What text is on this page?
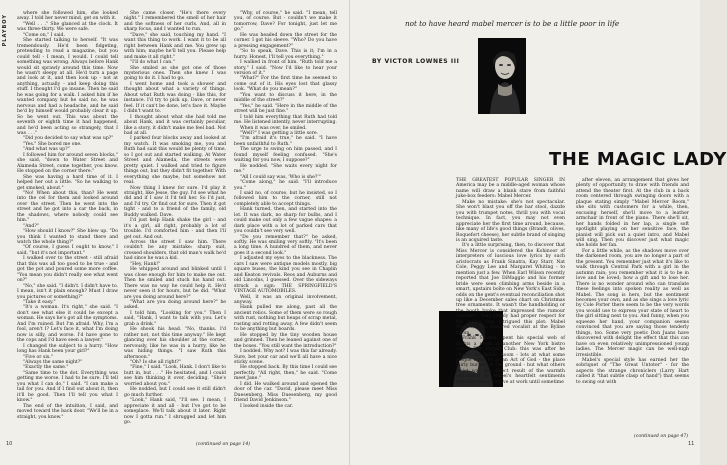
PLAYBOY

where she followed him, she looked away. I told her never mind, get on with it.

"Well . . ." She glanced at the clock. It was three-thirty. We were safe.

"Come on," I said.

She started talking to herself. "It was tremendously. He'd been fidgeting, pretending to read a magazine, but you could tell - I mean, I would. I could tell something was wrong. Always before Hank would sit sprawly around this time. Now he wasn't sleepy at all. He'd turn a page and look at it, and then look up - not at anything, actually - and keep doing this stuff. I thought I'd go insane. Then he said he was going for a walk. I asked him if he wanted company but he said no, he was nervous and had a headache, and he said he'd by himself would probably clear it up. So he went out. This was about the seventh or eighth time it had happened, and he'd been acting so strangely, that I was . . ."

"Did you decided to say what was up?"

"Yes." She bored me one.

"And what was up?"

I followed him for around seven blocks," she said, "down to Water Street and Alameda Street, come together, you know. He stopped on the corner there."

She was having a hard time of it. I helped her out a little. "So he walking to get smoked, about."

"No! When about this, than? He went into the cel for them and looked around over the street. Then he went into the street and he got into a car the back, in the shadows, where nobody could see him."

"And?"

"How should I know?" She blew up. "Do you think I wanted to stand there and watch the whole thing?"

"Of course, I guess I ought to know," I said, "but it's not important."

I walked over to the street - still afraid that this was all too good to be true - and got the pot and poured some more coffee. "You mean you didn't really see what went on?"

"No," she said. "I didn't. I didn't have to. I mean, isn't it plain enough? Must I draw you pictures or something?"

"Take it easy."

"It's a woman. It's right," she said. "I don't see what else it could be except a woman. He says he's got all the symptoms. And I'm ruined. But I'm afraid. Why, I'm a fool, aren't I? Let's face it, what I'm doing now is silly, and worse. I'd have gone to the cops and I'd have seen a lawyer."

I changed the subject to a hurry. "How long has Hank been your girl?"

"Five or six."

"Always the same night?"

"Exactly the same."

"Same time to the dot. Everything was getting me worse. I had to be sure. I'll tell you what I can do," I said. "I can make a tail for you. And if I find out about it, then it'll be good. Then I'll tell you what I know."

The end of the intuition, I said, and moved toward the back door. "We'll be in a straight, you know."

She came closer. "He's there every night." I remembered the smell of her hair and the softness of her curls. And, all in sharp focus, and I wanted to run.

"Dave," she said, touching my hand. "I want this thing to work. I want it to be all right between Hank and me. You grew up with him; maybe he'll tell you. Please help and make it all right."

"I'll do what I can."

She smiled as she got one of those mysterious ones. Then she knew I was going to do it. I had to go.

I went home and took a shower and thought about what a variety of things. About what Ruth was doing - like this, for instance. I'd try to pick up, Dave, or never feel. If it can't be done, let's face it. Maybe I didn't want to.

I thought about what she had told me about Hank, and it was certainly peculiar, like a story, it didn't make me feel bad. Not bad at all.

I parked four blocks away and looked at my watch. It was smoking me, you and Ruth had said this would be plenty of time, so I got out and started walking. At Water Street and Alameda, the streets were pretty quiet. I walked and tried to figure things out, but they didn't fit together. With everything she maybe, but somehow not real.

Now thing I knew for sure. I'd play it straight, like Jesse, the guy. I'd see what he did and if I saw it I'd tell her. So I'd just, and I'd try. Or find out for sure. Then it got tight - and to a friend of the family, old Buddy walked. Dave.

I'd just help Hank shake the girl - and it's a girl, all right, probably a lot of trouble. I'd comforted him - and then I'll get out. And out.

Across the street I saw him. There couldn't be any mistake: sharp suit, crossed shoulders, that old man's walk he'd had since he was a kid.

"Hey, Hank!"

He whipped around and blinked until I was close enough for him to make me out. Then he smiled and stuck his hand out. There was no way he could help it. He'd never seen it for hours, but he did. "What are you doing around here?"

"What are you doing around here?" he asked.

I told him, "Looking for you." Then I said, "Hank, I want to talk with you. Let's grab a drink."

He shook his head. "No, thanks. I'd rather not, not this time anyway." He kept glancing over his shoulder at the corner, nervously, like he was in a hurry, like he was hiding things. "I saw Ruth this afternoon."

"Oh? Is she all right?"

"Fine," I said. "Look, Hank. I don't like to butt in, but . . ." He hesitated, and I could see him thinking it over, deciding. "She's worried about you."

He nodded, but I could see it still didn't go much further.

"Look," Hank said, "I'll see. I mean, I appreciate it and all - but I've got to be someplace. We'll talk about it later. Right now I gotta run." I shrugged and let him go.

"Why, of course," he said. "I mean, tell you, of course. But - couldn't we make it tomorrow, Dave? For tonight, just let me go."

He was headed down the street for the corner. I got his sleeve. "Who? Do you have a pressing engagement?"

"So to speak, Dave. This is it; I'm in a hurry. Honest, I'll tell you everything."

I walked in front of him. "Ruth told me a story," I said. "Now I'd like to hear your version of it."

"What?" For the first time he seemed to come out of it. His eyes lost that glassy look. "What do you mean?"

"You want to discuss it here, in the middle of the street?"

"Yes," he said. "Here in the middle of the street will be just fine."

I told him everything that Ruth had told me. He listened intently, never interrupting.

When it was over, he smiled.

"Well?" I was getting a little sore.

"I'm afraid it's true," he said. "I have been unfaithful to Ruth."

The urge to swing on him passed, and I found myself feeling confused. "She's waiting for you now, I suppose?"

He nodded. "She waits every night for me."

"All I could say was, 'Who is she?'"

"Come along," he said. "I'll introduce you."

I said no, of course, but he insisted, so I followed him to the corner, still not completely able to accept things.

Hank turned, then, and started into the lot. It was dark, no sharp for bulbs, and I could make out only a few vague shapes: a dark place with a lot of parked cars that you couldn't see very well.

"Do you remember that?" he asked, softly. He was smiling very softly. "It's been a long time. A hundred of them, and never goes it a second look."

I adjusted my eyes to the blackness. The cars I saw were antique models mostly, big square buses, the kind you see in Chaplin and Keaton revivals. Reos and Auburns and old Lincolns, I guessed. Over the sideways struck a sign: THE SPRINGFIELD'S VINTAGE AUTOMOBILES.

Well, it was an original involvement, anyway.

Hank pulled me along, past all the ancient relics. Some of them were so rough with rust, nothing but heaps of scrap metal, rusting and rotting away. A few didn't seem to be anything but boards.

He stopped by the tiny wooden house and grinned. Then he leaned against one of the boxes. "You still want the introduction?"

I nodded. Why not? I was this far already. Sure, bet your car and we'll all have a nice sticky scene.

He stopped back. By this time I could see perfectly. "All right, then," he said. "Come meet Jane."

I did. He walked around and opened the door of the car. "David, please meet Miss Duesenberg. Miss Duesenberg, my good friend David Jenkinson."

I looked inside the car.

(continued on page 14)
10
not to have heard mabel mercer is to be a little poor in life
BY VICTOR LOWNES III
THE MAGIC LADY

THE GREATEST POPULAR SINGER IN America may be a middle-aged woman whose name will draw a blank stare from faithful juke-box feeders: Mabel Mercer.

Make no mistake: she's not spectacular. She won't blast you off the bar stool, dazzle you with trumpet notes, thrill you with vocal technique. In fact, you may not even appreciate her the first time around, because, like many of life's good things (Brandt, olives, Roquefort cheese), her subtle brand of singing is an acquired taste.

It's a little surprising, then, to discover that Miss Mercer is considered the Kohinoor of interpreters of luscious love lyrics by such aristocrats as Frank Sinatra, Kay Starr, Nat Cole, Peggy Lee and Margaret Whiting - to mention just a few. When Earl Wilson recently reported that Joe DiMaggio and his former bride were seen climbing arms beside in a smart, upstairs boîte on New York's East Side, odds on the gent's eventual reconciliation shot up like a December sales chart on Christmas tree ornaments. It wasn't the handholding or the booth broke that impressed the rumour couriers - they simply had proper respect for the milieu that intrigued this plot: Mabel Mercer, then featured vocalist at the Byline Room.

Frank Sinatra spent his special web of nights a week at another New York bistro called The Purple Club: this was after he closed the Belair Room - lots at what some people refer to as an Act of God - the place fairly burned to the ground - but what others insist was the direct result of the warmth generated by Mabel's heartfelt sentiments and that doesn't strive at work until sometime

after eleven, an arrangement that gives her plenty of opportunity to draw with friends and attend the theater first. At the club in a back room centered through swinging doors with a plaque stating simply "Mabel Mercer Room," she sits with customers for a while, then, excusing herself, she'll move to a leather armchair in front of the piano. There she'll sit, her hands folded in her lap, a single soft spotlight playing on her sensitive face, the pianist will pick out a quiet intro, and Mabel will sing. Then you discover just what magic she holds her fan.

For a little while, as the shadows move over the darkened room, you are no longer a part of the present. You remember just what it's like to walk through Central Park with a girl in the autumn rain; you remember what it is to be in love and be loved; how a gift and to lose her. There is no wonder around who can translate these feelings into spoken reality as well as Mabel. The song is hers, but the sentiment becomes your own, and as she sings a love lyric by Cole Porter there seem to be the very words you would use to express your state of heart to the girl sitting next to you. And funny, when you squeeze her hand, your companion seems convinced that you are saying those tenderly things, too. Some very poetic Don Juans have discovered with delight the effect that this can have on even relatively unimpressioned young ladies. The Mercer magic can be well-nigh irresistible.

Mabel's special style has earned her the sobriquet of "The Great Untoter" - for the aspects the strange chroniclers (Larry Hart called it "that subtle clasp of hand") that seems to swing out with

(continued on page 47)
11
